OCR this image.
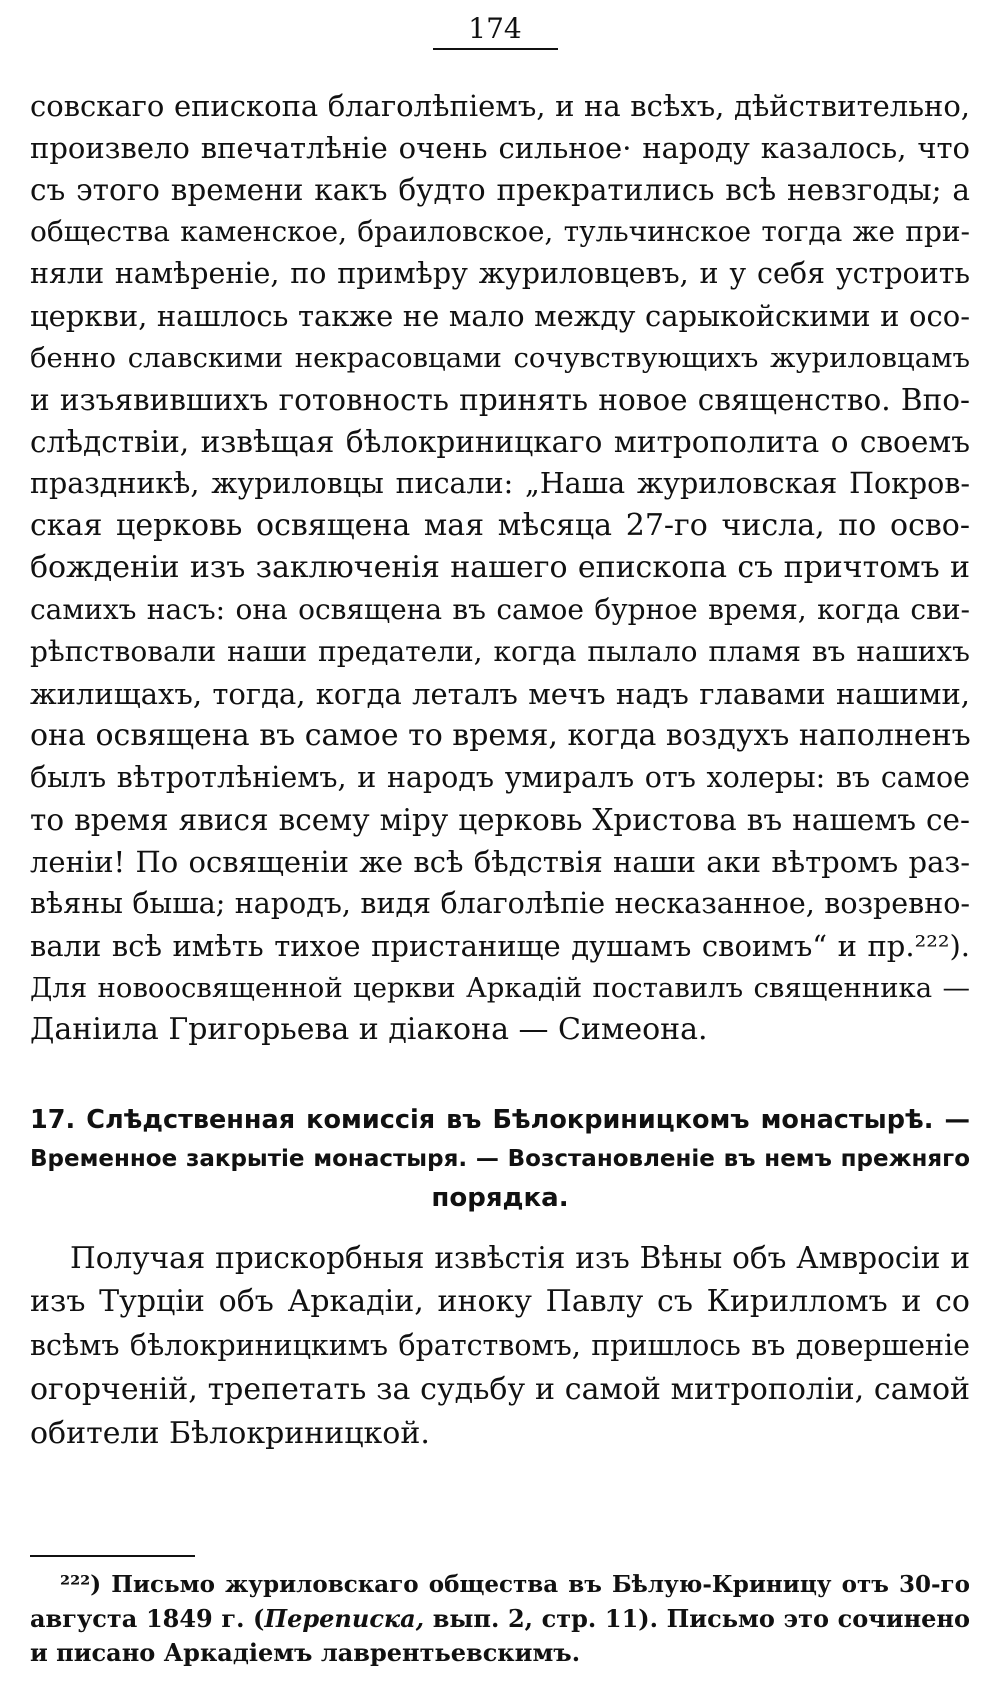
174
совскаго епископа благолѣпіемъ, и на всѣхъ, дѣйствительно,
произвело впечатлѣніе очень сильное· народу казалось, что
съ этого времени какъ будто прекратились всѣ невзгоды; а
общества каменское, браиловское, тульчинское тогда же при-
няли намѣреніе, по примѣру журиловцевъ, и у себя устроить
церкви, нашлось также не мало между сарыкойскими и осо-
бенно славскими некрасовцами сочувствующихъ журиловцамъ
и изъявившихъ готовность принять новое священство. Впо-
слѣдствіи, извѣщая бѣлокриницкаго митрополита о своемъ
праздникѣ, журиловцы писали: „Наша журиловская Покров-
ская церковь освящена мая мѣсяца 27-го числа, по осво-
божденіи изъ заключенія нашего епископа съ причтомъ и
самихъ насъ: она освящена въ самое бурное время, когда сви-
рѣпствовали наши предатели, когда пылало пламя въ нашихъ
жилищахъ, тогда, когда леталъ мечъ надъ главами нашими,
она освящена въ самое то время, когда воздухъ наполненъ
былъ вѣтротлѣніемъ, и народъ умиралъ отъ холеры: въ самое
то время явися всему міру церковь Христова въ нашемъ се-
леніи! По освященіи же всѣ бѣдствія наши аки вѣтромъ раз-
вѣяны быша; народъ, видя благолѣпіе несказанное, возревно-
вали всѣ имѣть тихое пристанище душамъ своимъ“ и пр.²²²).
Для новоосвященной церкви Аркадій поставилъ священника —
Даніила Григорьева и діакона — Симеона.
17. Слѣдственная комиссія въ Бѣлокриницкомъ монастырѣ. —
Временное закрытіе монастыря. — Возстановленіе въ немъ прежняго
порядка.
Получая прискорбныя извѣстія изъ Вѣны объ Амвросіи и
изъ Турціи объ Аркадіи, иноку Павлу съ Кирилломъ и со
всѣмъ бѣлокриницкимъ братствомъ, пришлось въ довершеніе
огорченій, трепетать за судьбу и самой митрополіи, самой
обители Бѣлокриницкой.
²²²) Письмо журиловскаго общества въ Бѣлую-Криницу отъ 30-го
августа 1849 г. (Переписка, вып. 2, стр. 11). Письмо это сочинено
и писано Аркадіемъ лаврентьевскимъ.
